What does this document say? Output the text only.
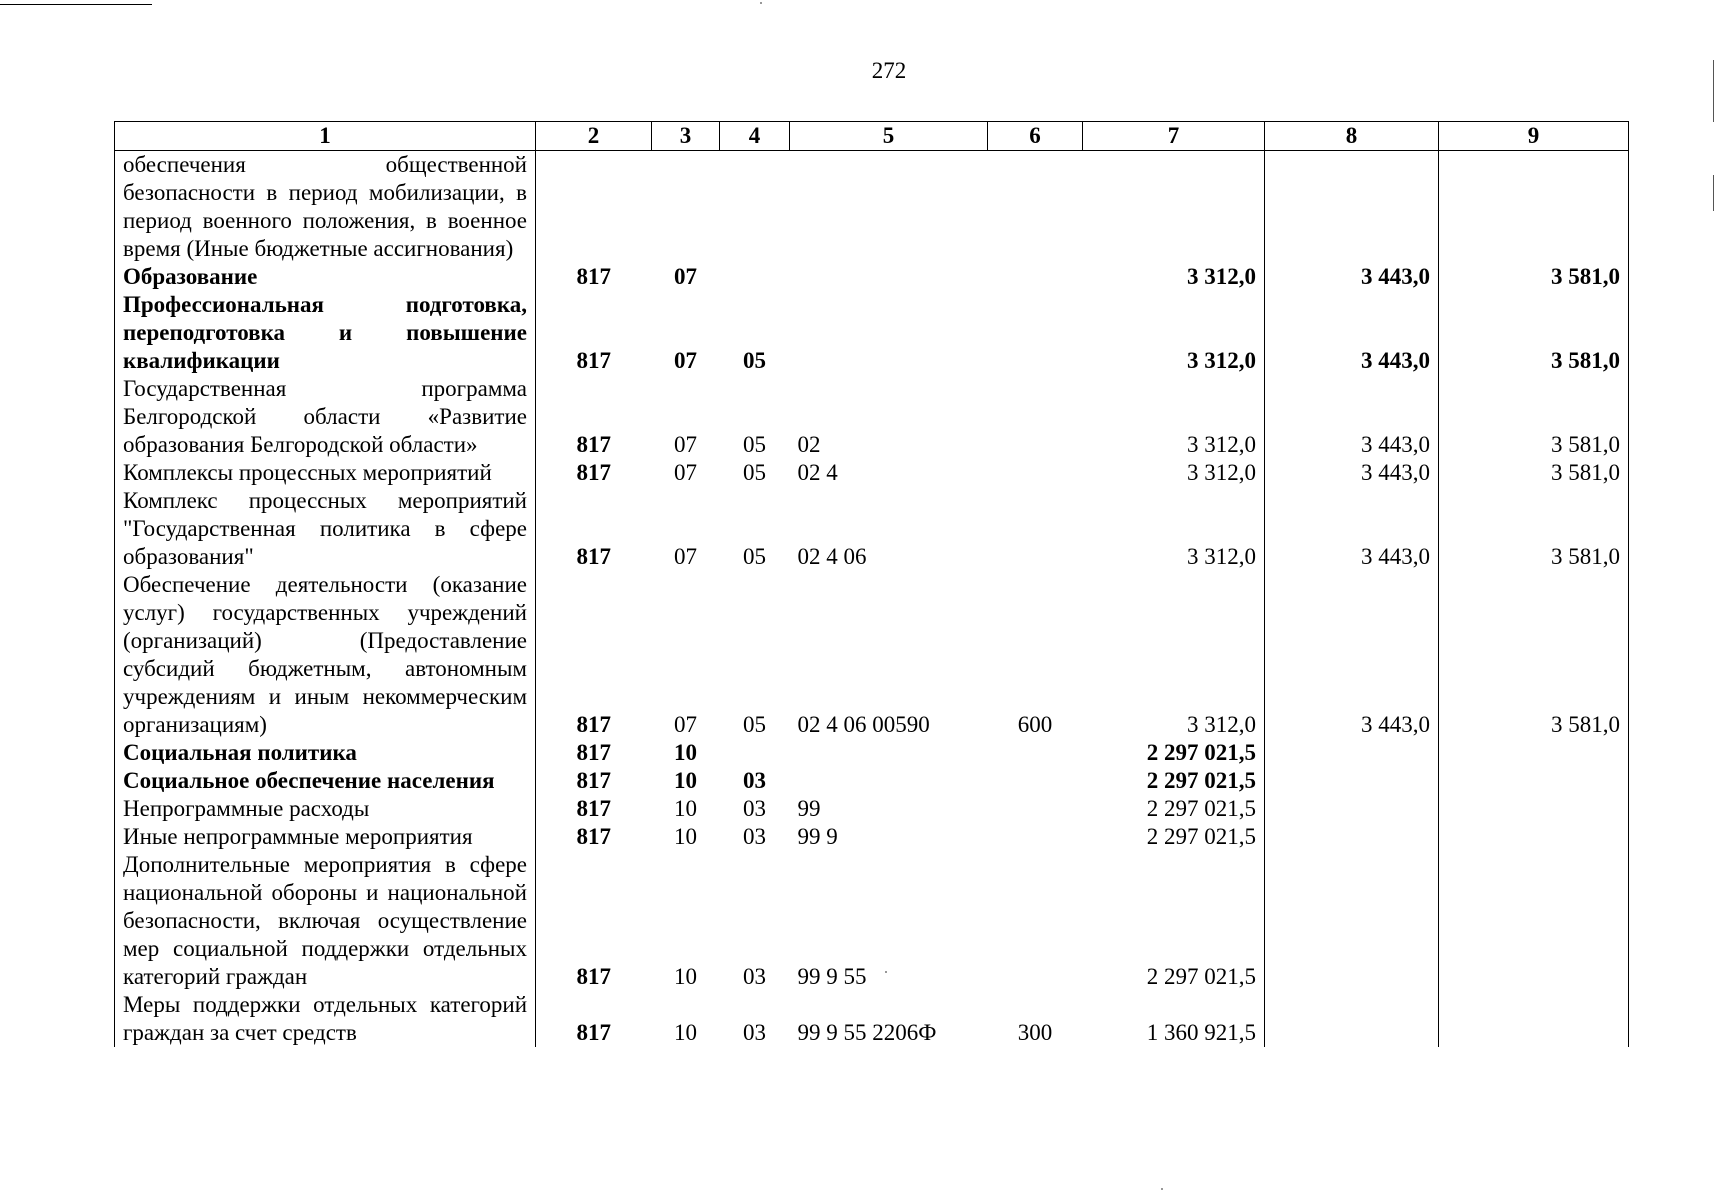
272
1	2	3	4	5	6	7	8	9
обеспечения общественной безопасности в период мобилизации, в период военного положения, в военное время (Иные бюджетные ассигнования)								
Образование	817	07				3 312,0	3 443,0	3 581,0
Профессиональная подготовка, переподготовка и повышение квалификации	817	07	05			3 312,0	3 443,0	3 581,0
Государственная программа Белгородской области «Развитие образования Белгородской области»	817	07	05	02		3 312,0	3 443,0	3 581,0
Комплексы процессных мероприятий	817	07	05	02 4		3 312,0	3 443,0	3 581,0
Комплекс процессных мероприятий "Государственная политика в сфере образования"	817	07	05	02 4 06		3 312,0	3 443,0	3 581,0
Обеспечение деятельности (оказание услуг) государственных учреждений (организаций) (Предоставление субсидий бюджетным, автономным учреждениям и иным некоммерческим организациям)	817	07	05	02 4 06 00590	600	3 312,0	3 443,0	3 581,0
Социальная политика	817	10				2 297 021,5		
Социальное обеспечение населения	817	10	03			2 297 021,5		
Непрограммные расходы	817	10	03	99		2 297 021,5		
Иные непрограммные мероприятия	817	10	03	99 9		2 297 021,5		
Дополнительные мероприятия в сфере национальной обороны и национальной безопасности, включая осуществление мер социальной поддержки отдельных категорий граждан	817	10	03	99 9 55		2 297 021,5		
Меры поддержки отдельных категорий граждан за счет средств	817	10	03	99 9 55 2206Ф	300	1 360 921,5		
